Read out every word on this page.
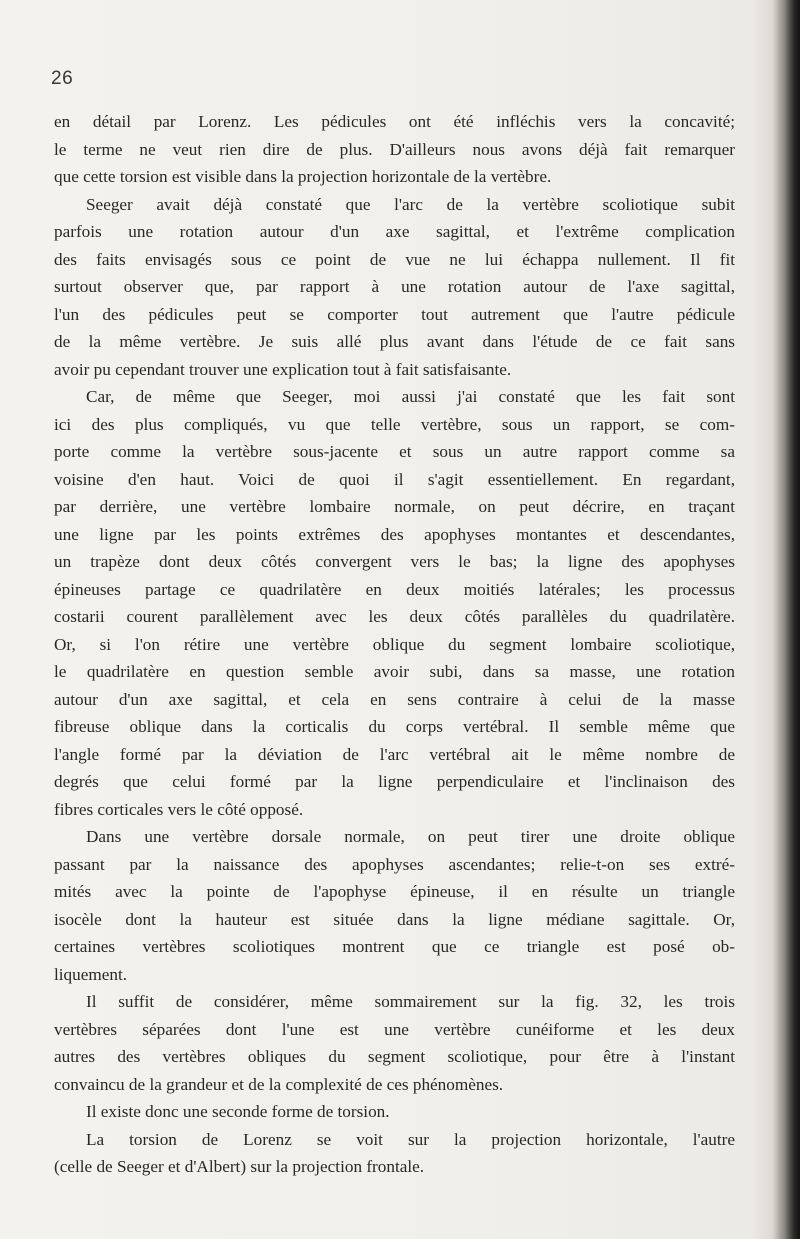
26
en détail par Lorenz. Les pédicules ont été infléchis vers la concavité;
le terme ne veut rien dire de plus. D'ailleurs nous avons déjà fait remarquer
que cette torsion est visible dans la projection horizontale de la vertèbre.
Seeger avait déjà constaté que l'arc de la vertèbre scoliotique subit
parfois une rotation autour d'un axe sagittal, et l'extrême complication
des faits envisagés sous ce point de vue ne lui échappa nullement. Il fit
surtout observer que, par rapport à une rotation autour de l'axe sagittal,
l'un des pédicules peut se comporter tout autrement que l'autre pédicule
de la même vertèbre. Je suis allé plus avant dans l'étude de ce fait sans
avoir pu cependant trouver une explication tout à fait satisfaisante.
Car, de même que Seeger, moi aussi j'ai constaté que les fait sont
ici des plus compliqués, vu que telle vertèbre, sous un rapport, se com-
porte comme la vertèbre sous-jacente et sous un autre rapport comme sa
voisine d'en haut. Voici de quoi il s'agit essentiellement. En regardant,
par derrière, une vertèbre lombaire normale, on peut décrire, en traçant
une ligne par les points extrêmes des apophyses montantes et descendantes,
un trapèze dont deux côtés convergent vers le bas; la ligne des apophyses
épineuses partage ce quadrilatère en deux moitiés latérales; les processus
costarii courent parallèlement avec les deux côtés parallèles du quadrilatère.
Or, si l'on rétire une vertèbre oblique du segment lombaire scoliotique,
le quadrilatère en question semble avoir subi, dans sa masse, une rotation
autour d'un axe sagittal, et cela en sens contraire à celui de la masse
fibreuse oblique dans la corticalis du corps vertébral. Il semble même que
l'angle formé par la déviation de l'arc vertébral ait le même nombre de
degrés que celui formé par la ligne perpendiculaire et l'inclinaison des
fibres corticales vers le côté opposé.
Dans une vertèbre dorsale normale, on peut tirer une droite oblique
passant par la naissance des apophyses ascendantes; relie-t-on ses extré-
mités avec la pointe de l'apophyse épineuse, il en résulte un triangle
isocèle dont la hauteur est située dans la ligne médiane sagittale. Or,
certaines vertèbres scoliotiques montrent que ce triangle est posé ob-
liquement.
Il suffit de considérer, même sommairement sur la fig. 32, les trois
vertèbres séparées dont l'une est une vertèbre cunéiforme et les deux
autres des vertèbres obliques du segment scoliotique, pour être à l'instant
convaincu de la grandeur et de la complexité de ces phénomènes.
Il existe donc une seconde forme de torsion.
La torsion de Lorenz se voit sur la projection horizontale, l'autre
(celle de Seeger et d'Albert) sur la projection frontale.
